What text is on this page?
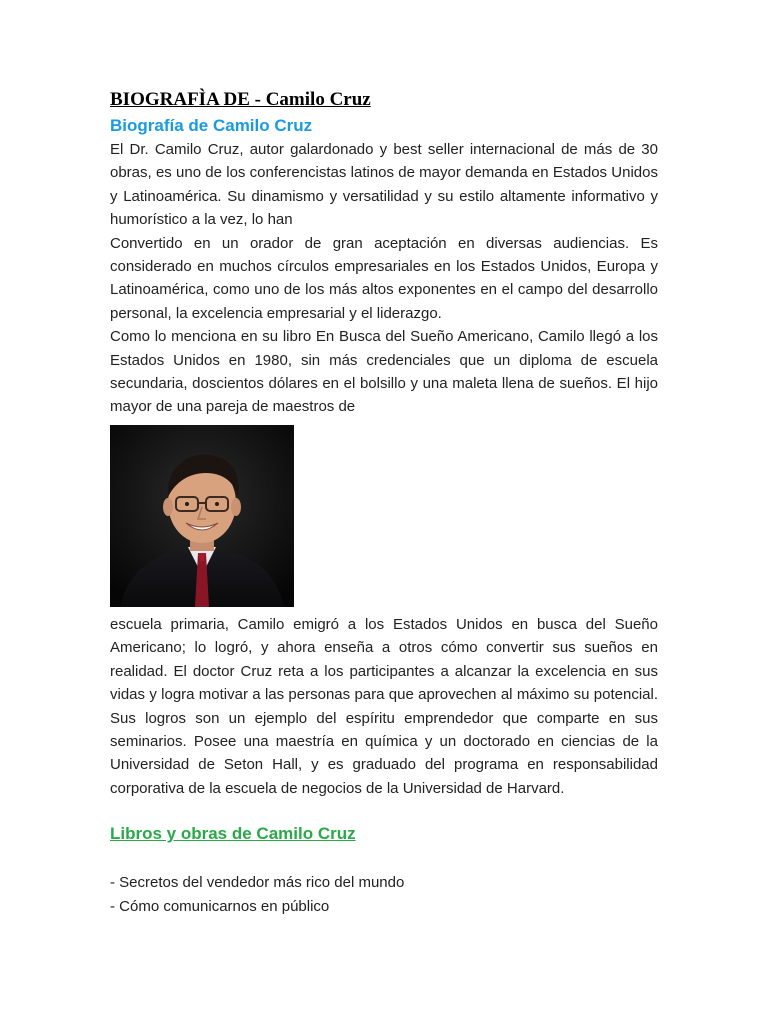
BIOGRAFÌA DE - Camilo Cruz
Biografía de Camilo Cruz

El Dr. Camilo Cruz, autor galardonado y best seller internacional de más de 30 obras, es uno de los conferencistas latinos de mayor demanda en Estados Unidos y Latinoamérica. Su dinamismo y versatilidad y su estilo altamente informativo y humorístico a la vez, lo han

Convertido en un orador de gran aceptación en diversas audiencias. Es considerado en muchos círculos empresariales en los Estados Unidos, Europa y Latinoamérica, como uno de los más altos exponentes en el campo del desarrollo personal, la excelencia empresarial y el liderazgo.

Como lo menciona en su libro En Busca del Sueño Americano, Camilo llegó a los Estados Unidos en 1980, sin más credenciales que un diploma de escuela secundaria, doscientos dólares en el bolsillo y una maleta llena de sueños. El hijo mayor de una pareja de maestros de

escuela primaria, Camilo emigró a los Estados Unidos en busca del Sueño Americano; lo logró, y ahora enseña a otros cómo convertir sus sueños en realidad. El doctor Cruz reta a los participantes a alcanzar la excelencia en sus vidas y logra motivar a las personas para que aprovechen al máximo su potencial. Sus logros son un ejemplo del espíritu emprendedor que comparte en sus seminarios. Posee una maestría en química y un doctorado en ciencias de la Universidad de Seton Hall, y es graduado del programa en responsabilidad corporativa de la escuela de negocios de la Universidad de Harvard.

Libros y obras de Camilo Cruz
- Secretos del vendedor más rico del mundo
- Cómo comunicarnos en público
